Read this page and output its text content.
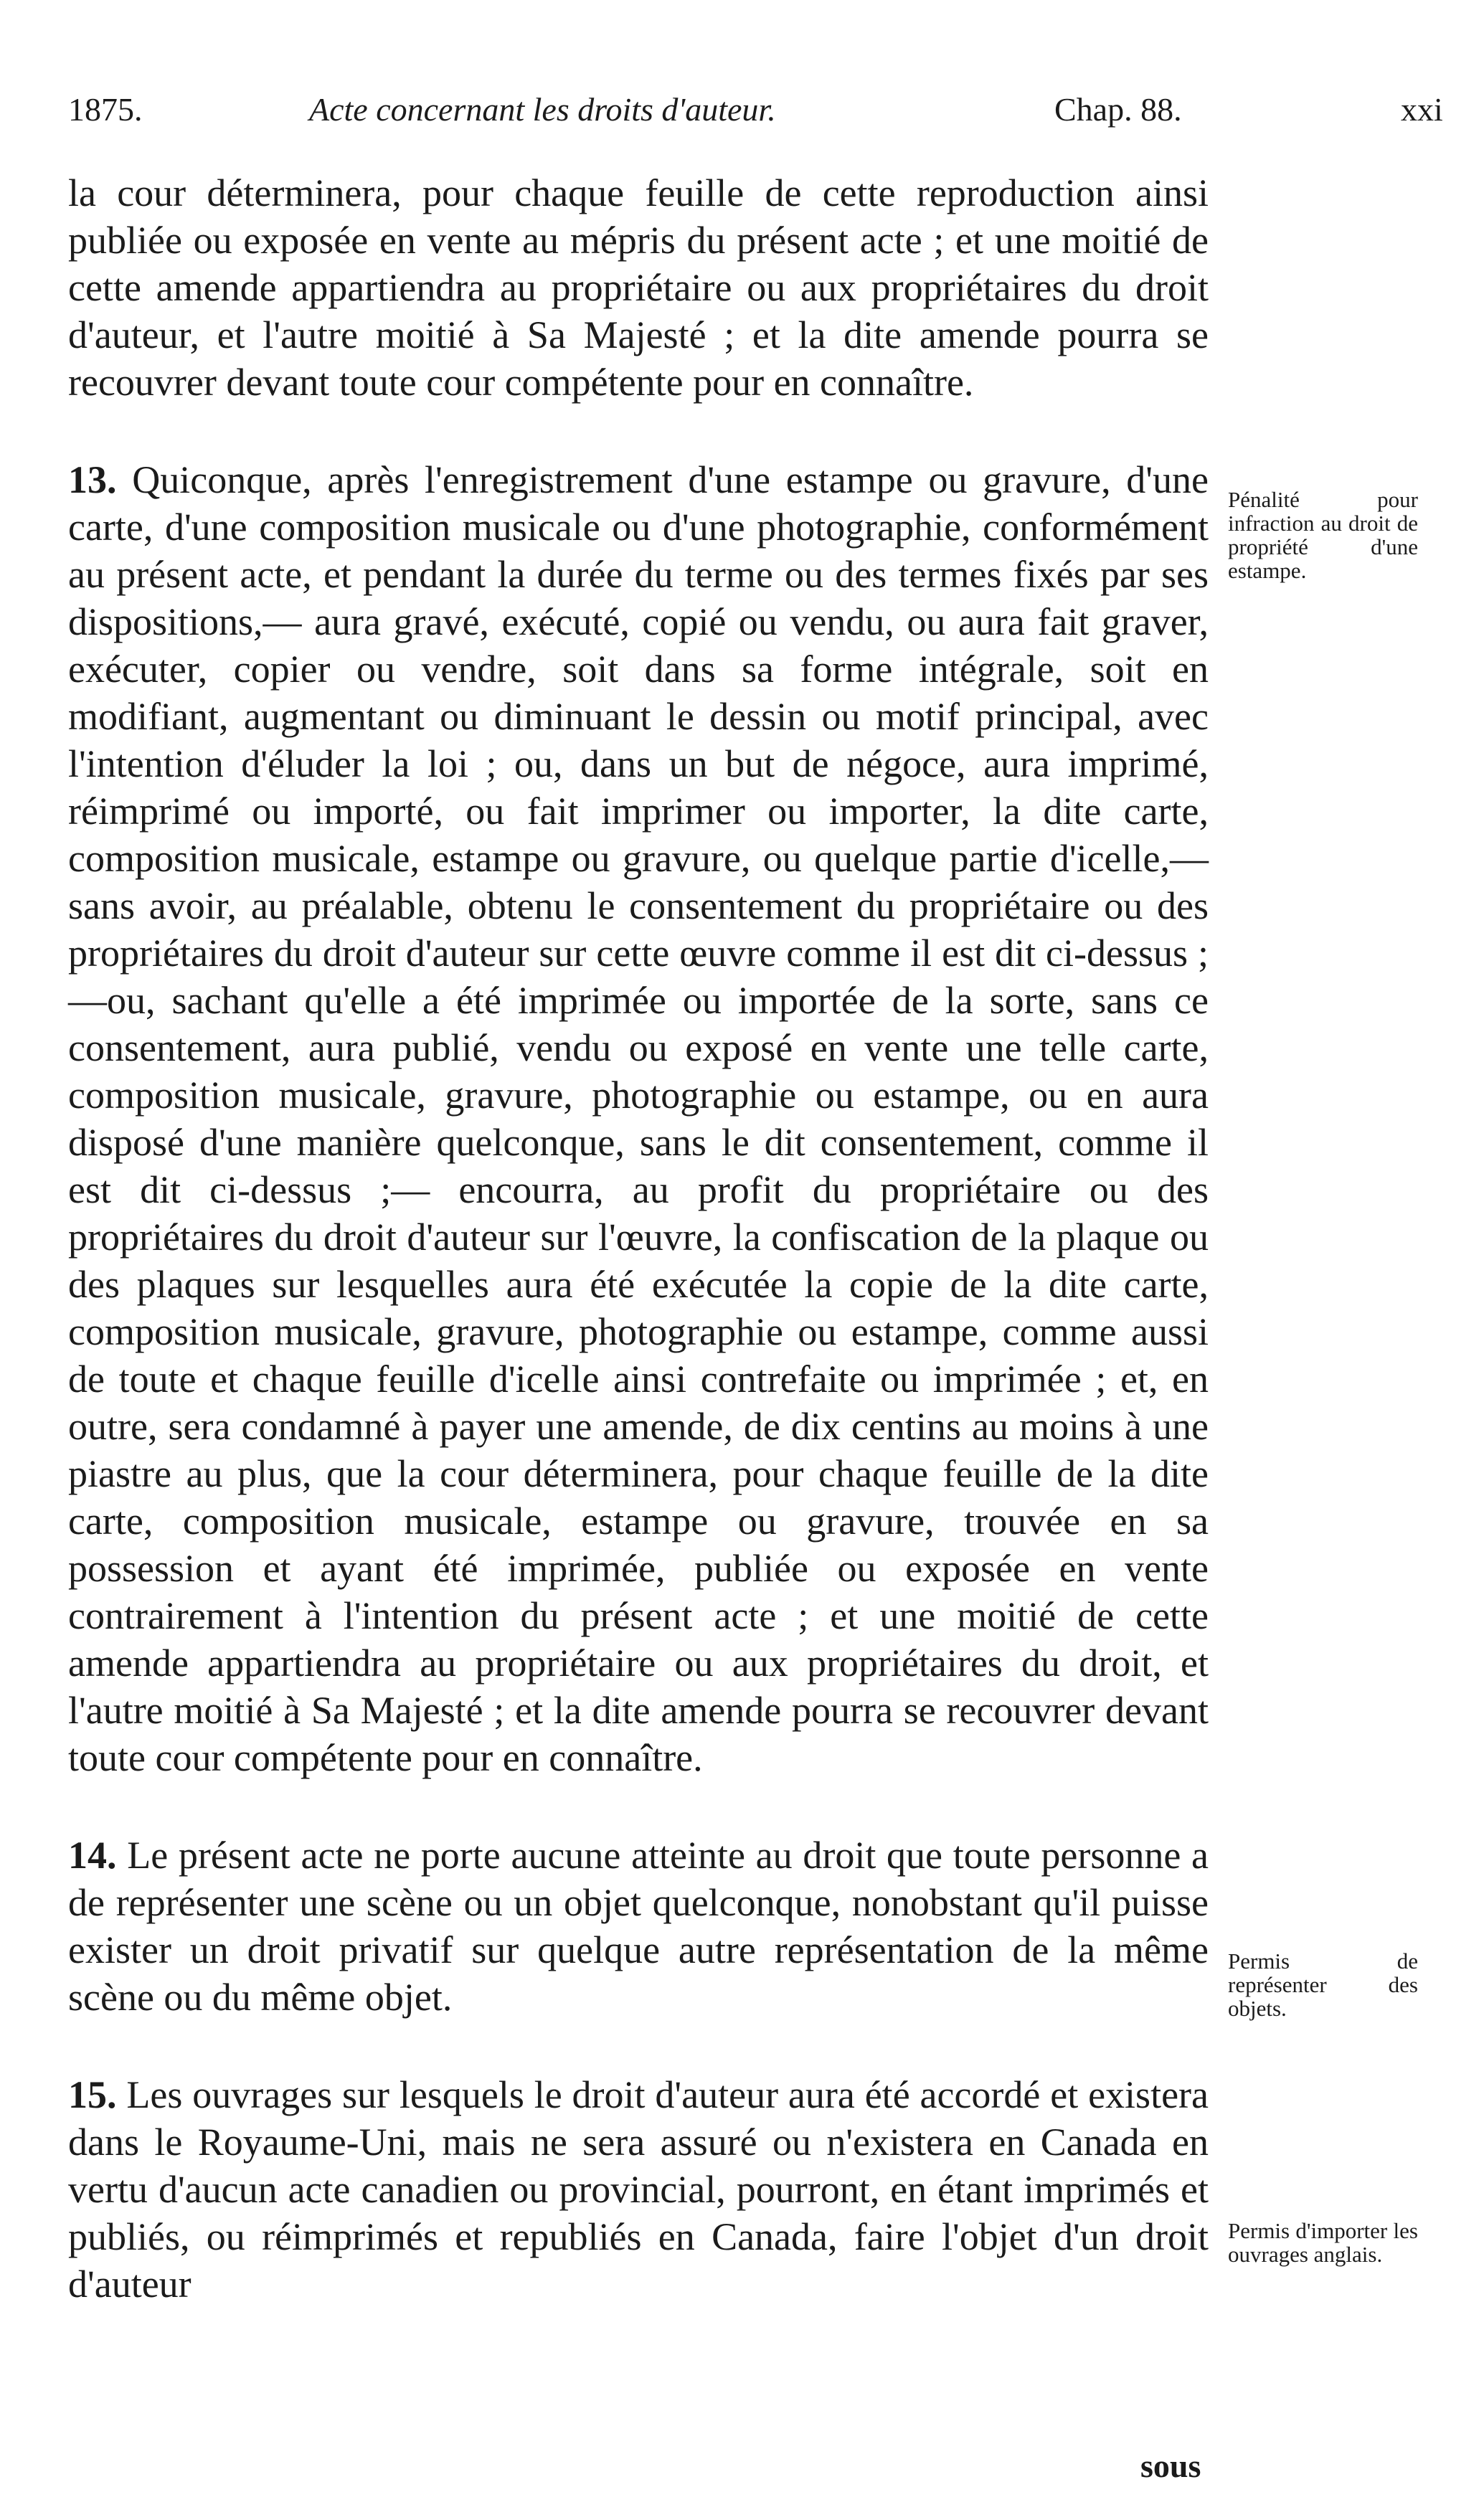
1875.	Acte concernant les droits d'auteur.	Chap. 88.	xxi

la cour déterminera, pour chaque feuille de cette reproduction ainsi publiée ou exposée en vente au mépris du présent acte ; et une moitié de cette amende appartiendra au propriétaire ou aux propriétaires du droit d'auteur, et l'autre moitié à Sa Majesté ; et la dite amende pourra se recouvrer devant toute cour compétente pour en connaître.

13. Quiconque, après l'enregistrement d'une estampe ou gravure, d'une carte, d'une composition musicale ou d'une photographie, conformément au présent acte, et pendant la durée du terme ou des termes fixés par ses dispositions,— aura gravé, exécuté, copié ou vendu, ou aura fait graver, exécuter, copier ou vendre, soit dans sa forme intégrale, soit en modifiant, augmentant ou diminuant le dessin ou motif principal, avec l'intention d'éluder la loi ; ou, dans un but de négoce, aura imprimé, réimprimé ou importé, ou fait imprimer ou importer, la dite carte, composition musicale, estampe ou gravure, ou quelque partie d'icelle,—sans avoir, au préalable, obtenu le consentement du propriétaire ou des propriétaires du droit d'auteur sur cette œuvre comme il est dit ci-dessus ;—ou, sachant qu'elle a été imprimée ou importée de la sorte, sans ce consentement, aura publié, vendu ou exposé en vente une telle carte, composition musicale, gravure, photographie ou estampe, ou en aura disposé d'une manière quelconque, sans le dit consentement, comme il est dit ci-dessus ;— encourra, au profit du propriétaire ou des propriétaires du droit d'auteur sur l'œuvre, la confiscation de la plaque ou des plaques sur lesquelles aura été exécutée la copie de la dite carte, composition musicale, gravure, photographie ou estampe, comme aussi de toute et chaque feuille d'icelle ainsi contrefaite ou imprimée ; et, en outre, sera condamné à payer une amende, de dix centins au moins à une piastre au plus, que la cour déterminera, pour chaque feuille de la dite carte, composition musicale, estampe ou gravure, trouvée en sa possession et ayant été imprimée, publiée ou exposée en vente contrairement à l'intention du présent acte ; et une moitié de cette amende appartiendra au propriétaire ou aux propriétaires du droit, et l'autre moitié à Sa Majesté ; et la dite amende pourra se recouvrer devant toute cour compétente pour en connaître.

14. Le présent acte ne porte aucune atteinte au droit que toute personne a de représenter une scène ou un objet quelconque, nonobstant qu'il puisse exister un droit privatif sur quelque autre représentation de la même scène ou du même objet.

15. Les ouvrages sur lesquels le droit d'auteur aura été accordé et existera dans le Royaume-Uni, mais ne sera assuré ou n'existera en Canada en vertu d'aucun acte canadien ou provincial, pourront, en étant imprimés et publiés, ou réimprimés et republiés en Canada, faire l'objet d'un droit d'auteur

Pénalité pour infraction au droit de propriété d'une estampe.
Permis de représenter des objets.
Permis d'importer les ouvrages anglais.
sous
